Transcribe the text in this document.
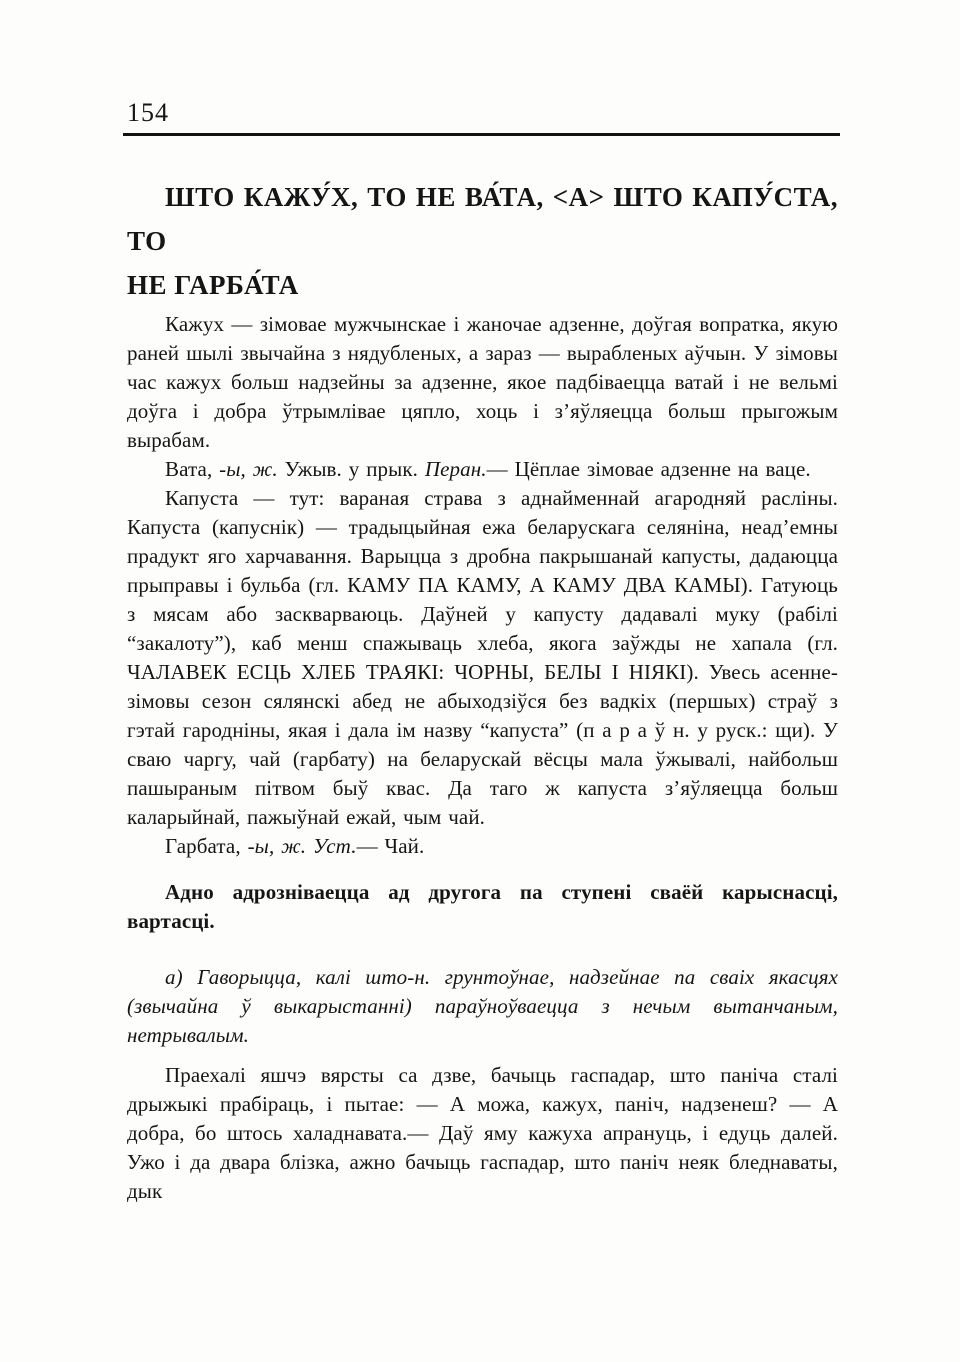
154
ШТО КАЖУ́Х, ТО НЕ ВА́ТА, <А> ШТО КАПУ́СТА, ТО
НЕ ГАРБА́ТА

Кажух — зімовае мужчынскае і жаночае адзенне, доўгая вопратка, якую раней шылі звычайна з нядубленых, а зараз — вырабленых аўчын. У зімовы час кажух больш надзейны за адзенне, якое падбіваецца ватай і не вельмі доўга і добра ўтрымлівае цяпло, хоць і з’яўляецца больш прыгожым вырабам.

Вата, -ы, ж. Ужыв. у прык. Перан.— Цёплае зімовае адзенне на ваце.

Капуста — тут: вараная страва з аднайменнай агародняй расліны. Капуста (капуснік) — традыцыйная ежа беларускага селяніна, неад’емны прадукт яго харчавання. Варыцца з дробна пакрышанай капусты, дадаюцца прыправы і бульба (гл. КАМУ ПА КАМУ, А КАМУ ДВА КАМЫ). Гатуюць з мясам або заскварваюць. Даўней у капусту дадавалі муку (рабілі “закалоту”), каб менш спажываць хлеба, якога заўжды не хапала (гл. ЧАЛАВЕК ЕСЦЬ ХЛЕБ ТРАЯКІ: ЧОРНЫ, БЕЛЫ І НІЯКІ). Увесь асенне-зімовы сезон сялянскі абед не абыходзіўся без вадкіх (першых) страў з гэтай гародніны, якая і дала ім назву “капуста” (п а р а ў н. у руск.: щи). У сваю чаргу, чай (гарбату) на беларускай вёсцы мала ўжывалі, найбольш пашыраным пітвом быў квас. Да таго ж капуста з’яўляецца больш каларыйнай, пажыўнай ежай, чым чай.

Гарбата, -ы, ж. Уст.— Чай.

Адно адрозніваецца ад другога па ступені сваёй карыснасці, вартасці.

а) Гаворыцца, калі што-н. грунтоўнае, надзейнае па сваіх якасцях (звычайна ў выкарыстанні) параўноўваецца з нечым вытанчаным, нетрывалым.

Праехалі яшчэ вярсты са дзве, бачыць гаспадар, што паніча сталі дрыжыкі прабіраць, і пытае: — А можа, кажух, паніч, надзенеш? — А добра, бо штось халаднавата.— Даў яму кажуха апрануць, і едуць далей. Ужо і да двара блізка, ажно бачыць гаспадар, што паніч неяк бледнаваты, дык
